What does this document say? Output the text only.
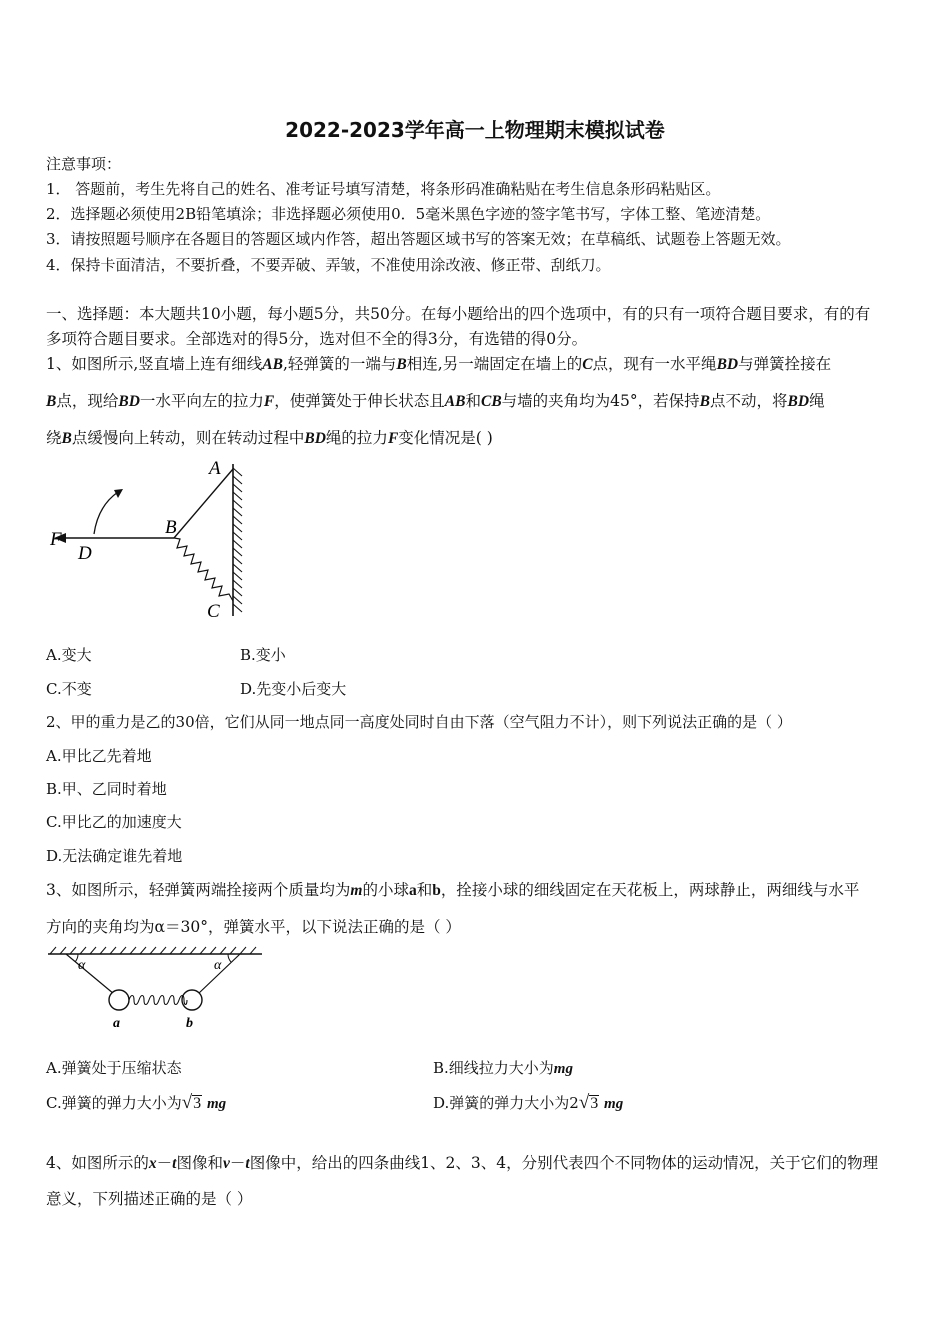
2022-2023学年高一上物理期末模拟试卷
注意事项：
1． 答题前，考生先将自己的姓名、准考证号填写清楚，将条形码准确粘贴在考生信息条形码粘贴区。
2．选择题必须使用2B铅笔填涂；非选择题必须使用0．5毫米黑色字迹的签字笔书写，字体工整、笔迹清楚。
3．请按照题号顺序在各题目的答题区域内作答，超出答题区域书写的答案无效；在草稿纸、试题卷上答题无效。
4．保持卡面清洁，不要折叠，不要弄破、弄皱，不准使用涂改液、修正带、刮纸刀。
一、选择题：本大题共10小题，每小题5分，共50分。在每小题给出的四个选项中，有的只有一项符合题目要求，有的有
多项符合题目要求。全部选对的得5分，选对但不全的得3分，有选错的得0分。
1、如图所示,竖直墙上连有细线AB,轻弹簧的一端与B相连,另一端固定在墙上的C点，现有一水平绳BD与弹簧拴接在
B点，现给BD一水平向左的拉力F，使弹簧处于伸长状态且AB和CB与墙的夹角均为45°，若保持B点不动，将BD绳
绕B点缓慢向上转动，则在转动过程中BD绳的拉力F变化情况是( )
A
B
C
D
F
A.变大	B.变小
C.不变	D.先变小后变大
2、甲的重力是乙的30倍，它们从同一地点同一高度处同时自由下落（空气阻力不计），则下列说法正确的是（ ）
A.甲比乙先着地
B.甲、乙同时着地
C.甲比乙的加速度大
D.无法确定谁先着地
3、如图所示，轻弹簧两端拴接两个质量均为m的小球a和b，拴接小球的细线固定在天花板上，两球静止，两细线与水平
方向的夹角均为α＝30°，弹簧水平，以下说法正确的是（ ）
α	α
a	b
A.弹簧处于压缩状态	B.细线拉力大小为mg
C.弹簧的弹力大小为√3 mg	D.弹簧的弹力大小为2√3 mg
4、如图所示的x－t图像和v－t图像中，给出的四条曲线1、2、3、4，分别代表四个不同物体的运动情况，关于它们的物理
意义，下列描述正确的是（ ）
